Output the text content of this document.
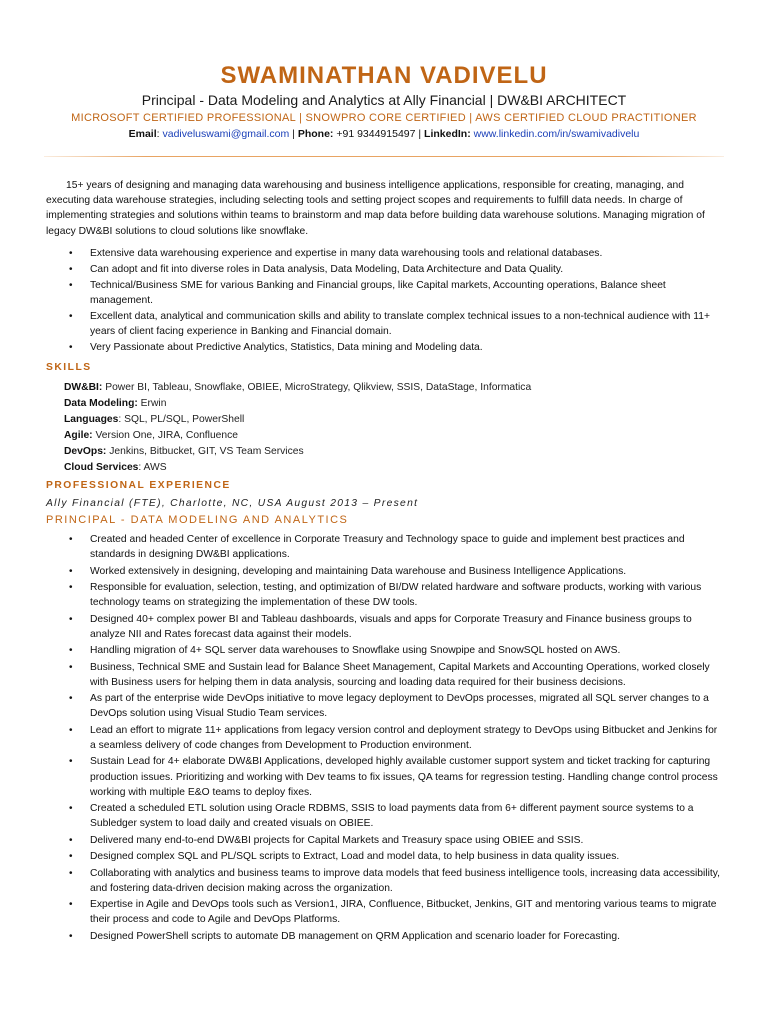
SWAMINATHAN VADIVELU
Principal - Data Modeling and Analytics at Ally Financial | DW&BI ARCHITECT
MICROSOFT CERTIFIED PROFESSIONAL | SNOWPRO CORE CERTIFIED | AWS CERTIFIED CLOUD PRACTITIONER
Email: vadiveluswami@gmail.com | Phone: +91 9344915497 | LinkedIn: www.linkedin.com/in/swamivadivelu
15+ years of designing and managing data warehousing and business intelligence applications, responsible for creating, managing, and executing data warehouse strategies, including selecting tools and setting project scopes and requirements to fulfill data needs. In charge of implementing strategies and solutions within teams to brainstorm and map data before building data warehouse solutions. Managing migration of legacy DW&BI solutions to cloud solutions like snowflake.
• Extensive data warehousing experience and expertise in many data warehousing tools and relational databases.
• Can adopt and fit into diverse roles in Data analysis, Data Modeling, Data Architecture and Data Quality.
• Technical/Business SME for various Banking and Financial groups, like Capital markets, Accounting operations, Balance sheet management.
• Excellent data, analytical and communication skills and ability to translate complex technical issues to a non-technical audience with 11+ years of client facing experience in Banking and Financial domain.
• Very Passionate about Predictive Analytics, Statistics, Data mining and Modeling data.
SKILLS
DW&BI: Power BI, Tableau, Snowflake, OBIEE, MicroStrategy, Qlikview, SSIS, DataStage, Informatica
Data Modeling: Erwin
Languages: SQL, PL/SQL, PowerShell
Agile: Version One, JIRA, Confluence
DevOps: Jenkins, Bitbucket, GIT, VS Team Services
Cloud Services: AWS
PROFESSIONAL EXPERIENCE
Ally Financial (FTE), Charlotte, NC, USA August 2013 – Present
PRINCIPAL - DATA MODELING AND ANALYTICS
• Created and headed Center of excellence in Corporate Treasury and Technology space to guide and implement best practices and standards in designing DW&BI applications.
• Worked extensively in designing, developing and maintaining Data warehouse and Business Intelligence Applications.
• Responsible for evaluation, selection, testing, and optimization of BI/DW related hardware and software products, working with various technology teams on strategizing the implementation of these DW tools.
• Designed 40+ complex power BI and Tableau dashboards, visuals and apps for Corporate Treasury and Finance business groups to analyze NII and Rates forecast data against their models.
• Handling migration of 4+ SQL server data warehouses to Snowflake using Snowpipe and SnowSQL hosted on AWS.
• Business, Technical SME and Sustain lead for Balance Sheet Management, Capital Markets and Accounting Operations, worked closely with Business users for helping them in data analysis, sourcing and loading data required for their business decisions.
• As part of the enterprise wide DevOps initiative to move legacy deployment to DevOps processes, migrated all SQL server changes to a DevOps solution using Visual Studio Team services.
• Lead an effort to migrate 11+ applications from legacy version control and deployment strategy to DevOps using Bitbucket and Jenkins for a seamless delivery of code changes from Development to Production environment.
• Sustain Lead for 4+ elaborate DW&BI Applications, developed highly available customer support system and ticket tracking for capturing production issues. Prioritizing and working with Dev teams to fix issues, QA teams for regression testing. Handling change control process working with multiple E&O teams to deploy fixes.
• Created a scheduled ETL solution using Oracle RDBMS, SSIS to load payments data from 6+ different payment source systems to a Subledger system to load daily and created visuals on OBIEE.
• Delivered many end-to-end DW&BI projects for Capital Markets and Treasury space using OBIEE and SSIS.
• Designed complex SQL and PL/SQL scripts to Extract, Load and model data, to help business in data quality issues.
• Collaborating with analytics and business teams to improve data models that feed business intelligence tools, increasing data accessibility, and fostering data-driven decision making across the organization.
• Expertise in Agile and DevOps tools such as Version1, JIRA, Confluence, Bitbucket, Jenkins, GIT and mentoring various teams to migrate their process and code to Agile and DevOps Platforms.
• Designed PowerShell scripts to automate DB management on QRM Application and scenario loader for Forecasting.
